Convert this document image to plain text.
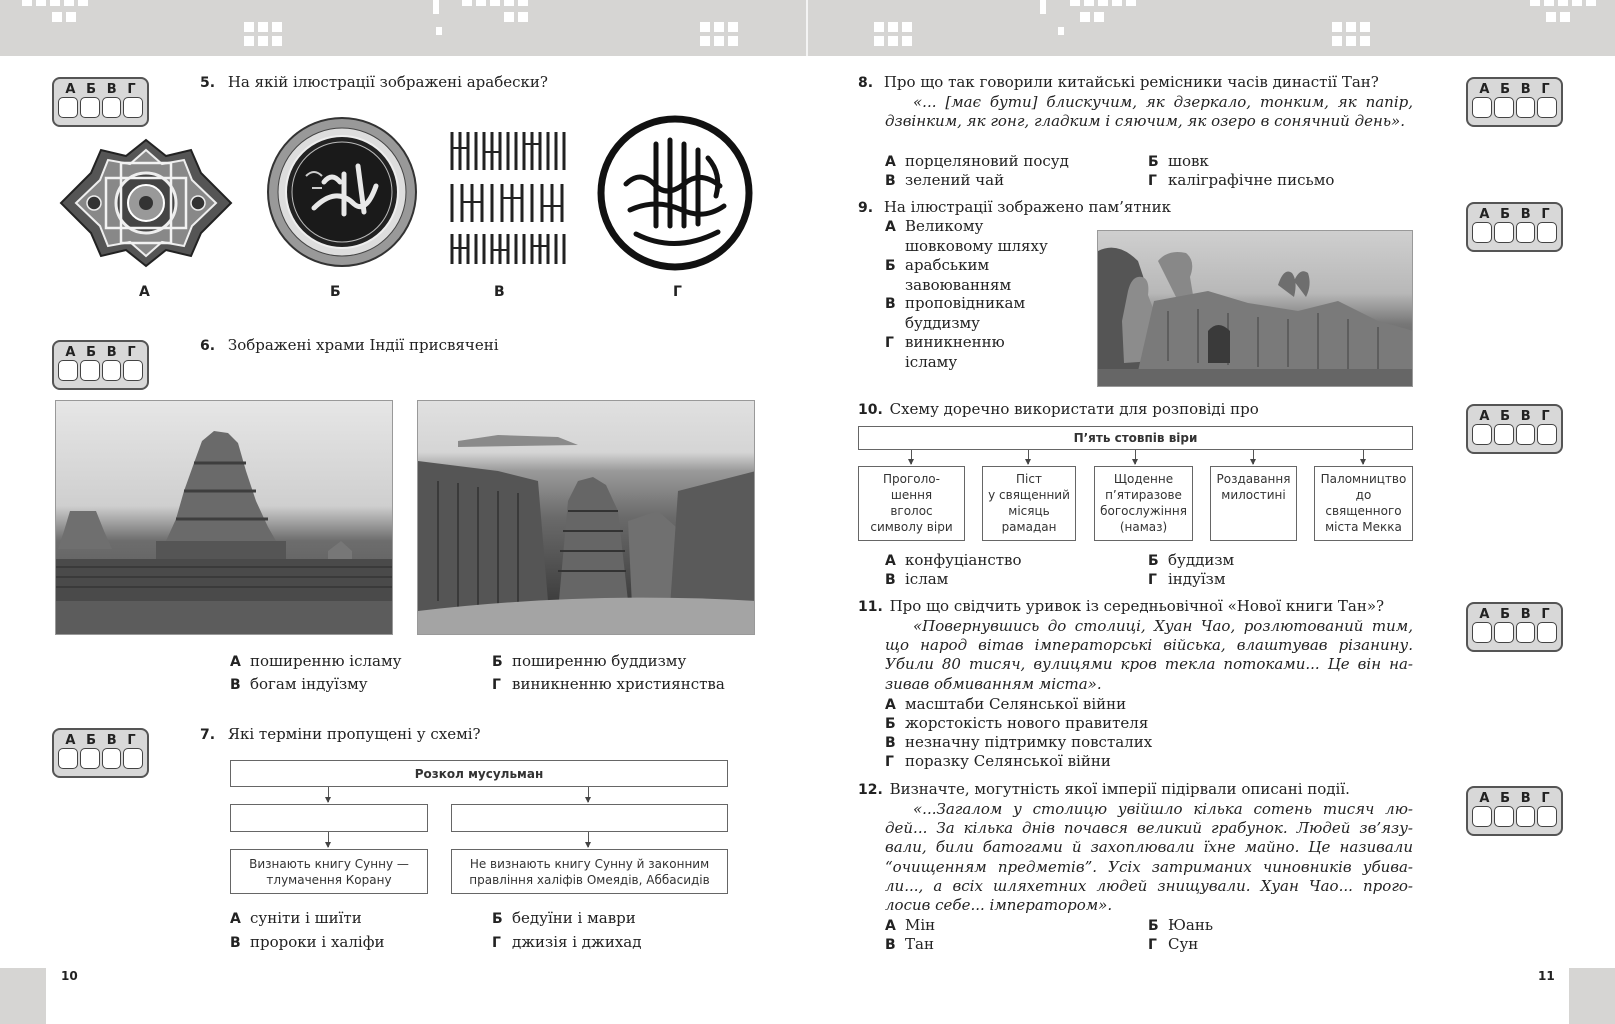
10	11
А Б В Г
А Б В Г
А Б В Г
А Б В Г
А Б В Г
А Б В Г
А Б В Г
А Б В Г
5. На якій ілюстрації зображені арабески?
А	Б	В	Г
6. Зображені храми Індії присвячені
А поширенню ісламу	Б поширенню буддизму
В богам індуїзму	Г виникненню християнства
7. Які терміни пропущені у схемі?
Розкол мусульман
Визнають книгу Сунну — тлумачення Корану
Не визнають книгу Сунну й законним правління халіфів Омеядів, Аббасидів
А суніти і шиїти	Б бедуїни і маври
В пророки і халіфи	Г джизія і джихад
8. Про що так говорили китайські ремісники часів династії Тан?
«... [має бути] блискучим, як дзеркало, тонким, як папір, дзвінким, як гонг, гладким і сяючим, як озеро в сонячний день».
А порцеляновий посуд	Б шовк
В зелений чай	Г каліграфічне письмо
9. На ілюстрації зображено пам’ятник
А Великому
шовковому шляху
Б арабським
завоюванням
В проповідникам
буддизму
Г виникненню
ісламу
10. Схему доречно використати для розповіді про
П’ять стовпів віри
Проголо-
шення
вголос
символу віри
Піст
у священний
місяць
рамадан
Щоденне
п’ятиразове
богослужіння
(намаз)
Роздавання
милостині
Паломництво
до
священного
міста Мекка
А конфуціанство	Б буддизм
В іслам	Г індуїзм
11. Про що свідчить уривок із середньовічної «Нової книги Тан»?
«Повернувшись до столиці, Хуан Чао, розлютований тим, що народ вітав імператорські війська, влаштував різанину. Убили 80 тисяч, вулицями кров текла потоками... Це він на-зивав обмиванням міста».
А масштаби Селянської війни
Б жорстокість нового правителя
В незначну підтримку повсталих
Г поразку Селянської війни
12. Визначте, могутність якої імперії підірвали описані події.
«...Загалом у столицю увійшло кілька сотень тисяч лю-дей... За кілька днів почався великий грабунок. Людей зв’язу-вали, били батогами й захоплювали їхне майно. Це називали “очищенням предметів”. Усіх затриманих чиновників убива-ли..., а всіх шляхетних людей знищували. Хуан Чао... прого-лосив себе... імператором».
А Мін	Б Юань
В Тан	Г Сун
